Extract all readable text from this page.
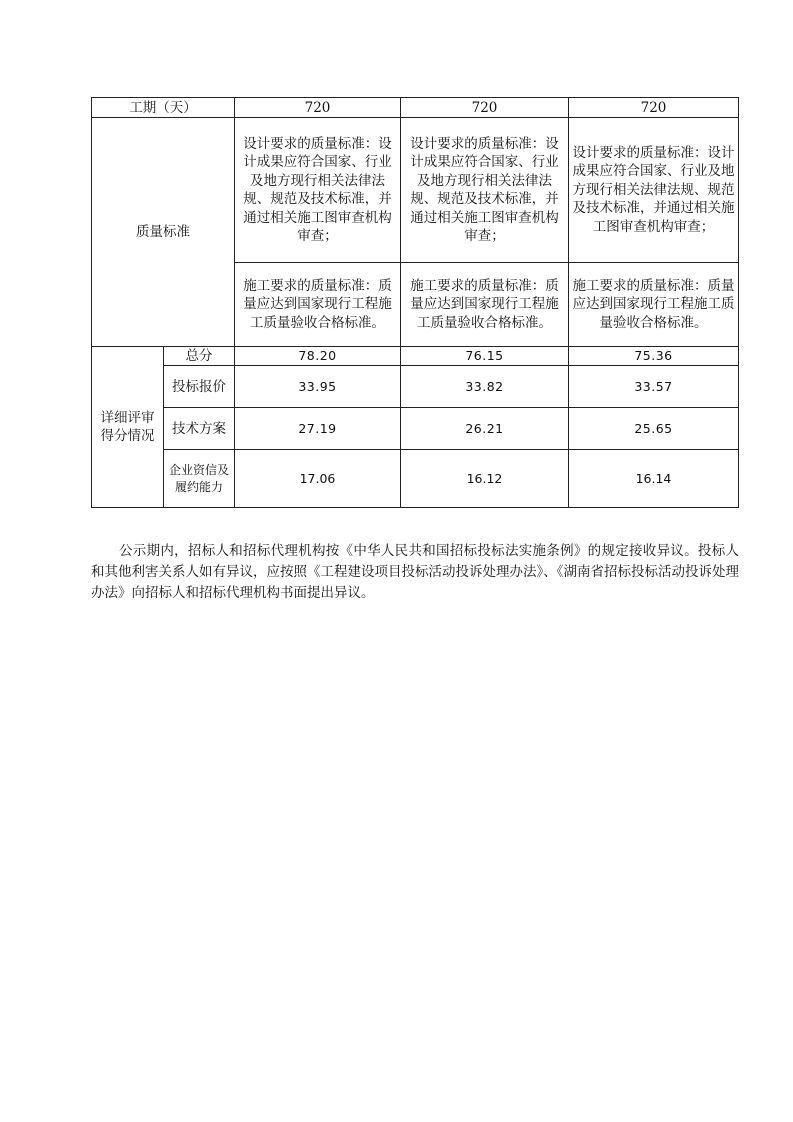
工期（天）		720	720	720
质量标准		设计要求的质量标准：设计成果应符合国家、行业及地方现行相关法律法规、规范及技术标准，并通过相关施工图审查机构审查；	设计要求的质量标准：设计成果应符合国家、行业及地方现行相关法律法规、规范及技术标准，并通过相关施工图审查机构审查；	设计要求的质量标准：设计成果应符合国家、行业及地方现行相关法律法规、规范及技术标准，并通过相关施工图审查机构审查；
		施工要求的质量标准：质量应达到国家现行工程施工质量验收合格标准。	施工要求的质量标准：质量应达到国家现行工程施工质量验收合格标准。	施工要求的质量标准：质量应达到国家现行工程施工质量验收合格标准。
详细评审得分情况	总分	78.20	76.15	75.36
	投标报价	33.95	33.82	33.57
	技术方案	27.19	26.21	25.65
	企业资信及履约能力	17.06	16.12	16.14

公示期内，招标人和招标代理机构按《中华人民共和国招标投标法实施条例》的规定接收异议。投标人和其他利害关系人如有异议，应按照《工程建设项目投标活动投诉处理办法》、《湖南省招标投标活动投诉处理办法》向招标人和招标代理机构书面提出异议。
